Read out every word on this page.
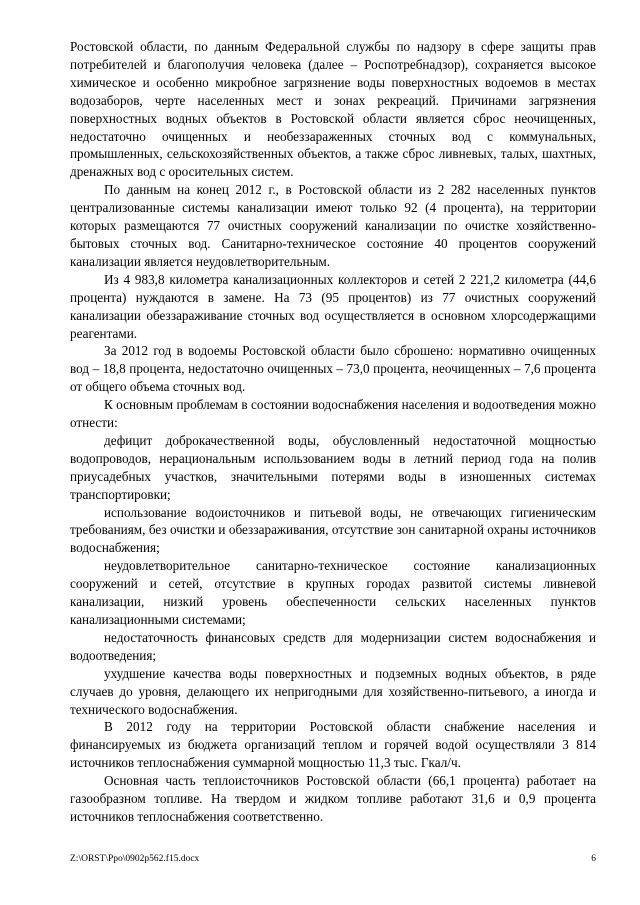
Ростовской области, по данным Федеральной службы по надзору в сфере защиты прав потребителей и благополучия человека (далее – Роспотребнадзор), сохраняется высокое химическое и особенно микробное загрязнение воды поверхностных водоемов в местах водозаборов, черте населенных мест и зонах рекреаций. Причинами загрязнения поверхностных водных объектов в Ростовской области является сброс неочищенных, недостаточно очищенных и необеззараженных сточных вод с коммунальных, промышленных, сельскохозяйственных объектов, а также сброс ливневых, талых, шахтных, дренажных вод с оросительных систем.

По данным на конец 2012 г., в Ростовской области из 2 282 населенных пунктов централизованные системы канализации имеют только 92 (4 процента), на территории которых размещаются 77 очистных сооружений канализации по очистке хозяйственно-бытовых сточных вод. Санитарно-техническое состояние 40 процентов сооружений канализации является неудовлетворительным.

Из 4 983,8 километра канализационных коллекторов и сетей 2 221,2 километра (44,6 процента) нуждаются в замене. На 73 (95 процентов) из 77 очистных сооружений канализации обеззараживание сточных вод осуществляется в основном хлорсодержащими реагентами.

За 2012 год в водоемы Ростовской области было сброшено: нормативно очищенных вод – 18,8 процента, недостаточно очищенных – 73,0 процента, неочищенных – 7,6 процента от общего объема сточных вод.

К основным проблемам в состоянии водоснабжения населения и водоотведения можно отнести:

дефицит доброкачественной воды, обусловленный недостаточной мощностью водопроводов, нерациональным использованием воды в летний период года на полив приусадебных участков, значительными потерями воды в изношенных системах транспортировки;

использование водоисточников и питьевой воды, не отвечающих гигиеническим требованиям, без очистки и обеззараживания, отсутствие зон санитарной охраны источников водоснабжения;

неудовлетворительное санитарно-техническое состояние канализационных сооружений и сетей, отсутствие в крупных городах развитой системы ливневой канализации, низкий уровень обеспеченности сельских населенных пунктов канализационными системами;

недостаточность финансовых средств для модернизации систем водоснабжения и водоотведения;

ухудшение качества воды поверхностных и подземных водных объектов, в ряде случаев до уровня, делающего их непригодными для хозяйственно-питьевого, а иногда и технического водоснабжения.

В 2012 году на территории Ростовской области снабжение населения и финансируемых из бюджета организаций теплом и горячей водой осуществляли 3 814 источников теплоснабжения суммарной мощностью 11,3 тыс. Гкал/ч.

Основная часть теплоисточников Ростовской области (66,1 процента) работает на газообразном топливе. На твердом и жидком топливе работают 31,6 и 0,9 процента источников теплоснабжения соответственно.

Z:\ORST\Ppo\0902p562.f15.docx	6
